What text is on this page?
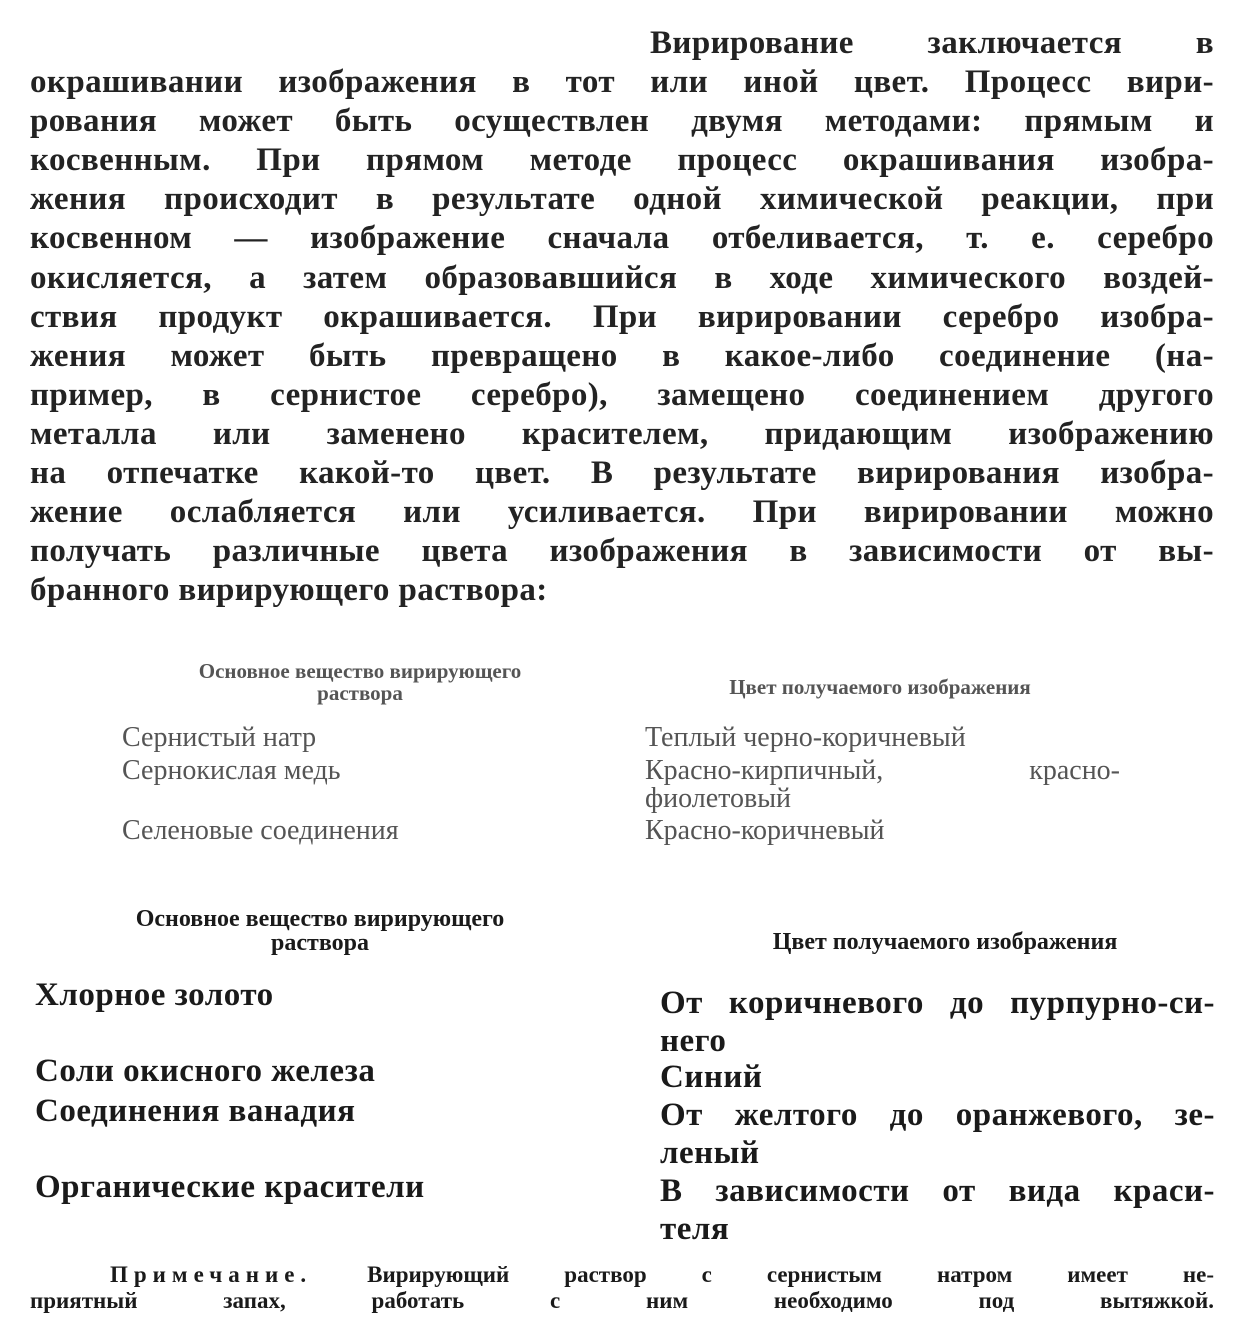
Вирирование заключается в
окрашивании изображения в тот или иной цвет. Процесс вири-
рования может быть осуществлен двумя методами: прямым и
косвенным. При прямом методе процесс окрашивания изобра-
жения происходит в результате одной химической реакции, при
косвенном — изображение сначала отбеливается, т. е. серебро
окисляется, а затем образовавшийся в ходе химического воздей-
ствия продукт окрашивается. При вирировании серебро изобра-
жения может быть превращено в какое-либо соединение (на-
пример, в сернистое серебро), замещено соединением другого
металла или заменено красителем, придающим изображению
на отпечатке какой-то цвет. В результате вирирования изобра-
жение ослабляется или усиливается. При вирировании можно
получать различные цвета изображения в зависимости от вы-
бранного вирирующего раствора:
Основное вещество вирирующего
раствора	Цвет получаемого изображения
Сернистый натр	Теплый черно-коричневый
Сернокислая медь	Красно-кирпичный, красно-
фиолетовый
Селеновые соединения	Красно-коричневый
Основное вещество вирирующего
раствора	Цвет получаемого изображения
Хлорное золото	От коричневого до пурпурно-си-
него
Соли окисного железа	Синий
Соединения ванадия	От желтого до оранжевого, зе-
леный
Органические красители	В зависимости от вида краси-
теля
Примечание. Вирирующий раствор с сернистым натром имеет не-
приятный запах, работать с ним необходимо под вытяжкой.
